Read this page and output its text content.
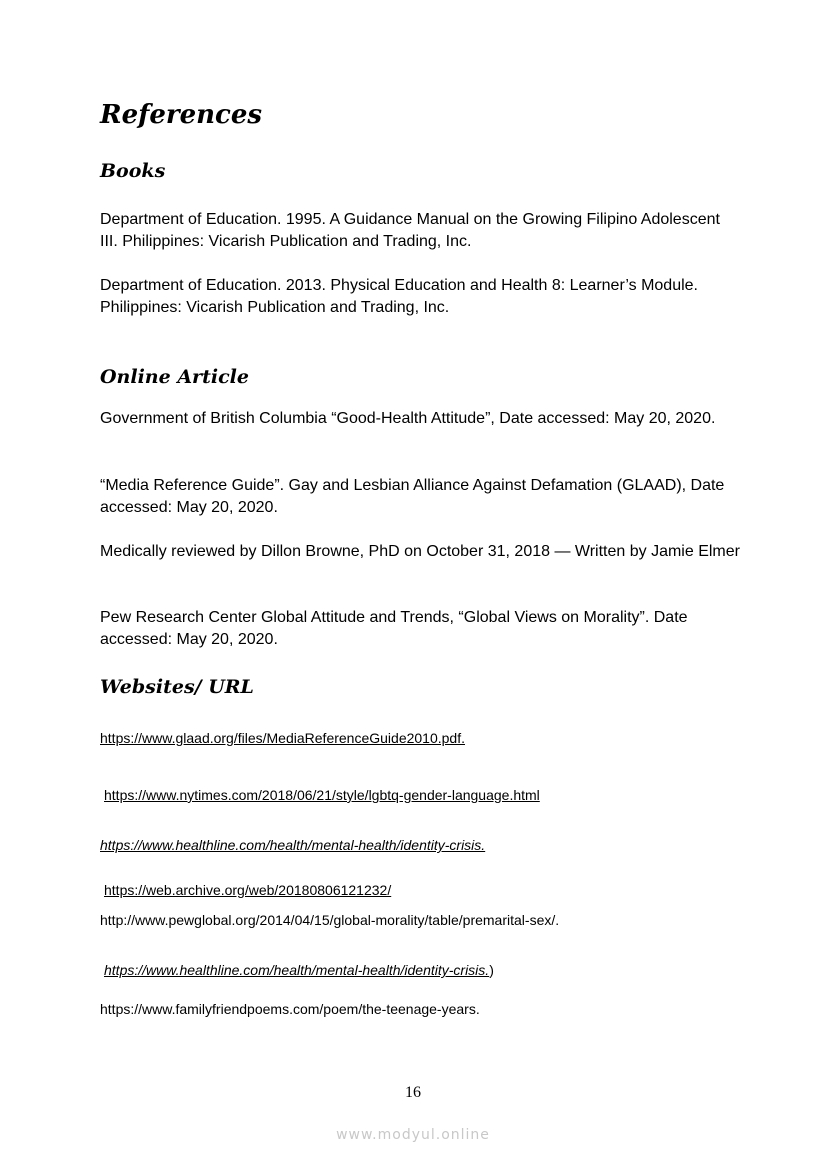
References
Books
Department of Education. 1995. A Guidance Manual on the Growing Filipino Adolescent III. Philippines: Vicarish Publication and Trading, Inc.
Department of Education. 2013. Physical Education and Health 8: Learner’s Module. Philippines: Vicarish Publication and Trading, Inc.
Online Article
Government of British Columbia “Good-Health Attitude”, Date accessed: May 20, 2020.
“Media Reference Guide”. Gay and Lesbian Alliance Against Defamation (GLAAD), Date accessed: May 20, 2020.
Medically reviewed by Dillon Browne, PhD on October 31, 2018 — Written by Jamie Elmer
Pew Research Center Global Attitude and Trends, “Global Views on Morality”. Date accessed: May 20, 2020.
Websites/ URL
https://www.glaad.org/files/MediaReferenceGuide2010.pdf.
https://www.nytimes.com/2018/06/21/style/lgbtq-gender-language.html
https://www.healthline.com/health/mental-health/identity-crisis.
https://web.archive.org/web/20180806121232/
http://www.pewglobal.org/2014/04/15/global-morality/table/premarital-sex/.
https://www.healthline.com/health/mental-health/identity-crisis.)
https://www.familyfriendpoems.com/poem/the-teenage-years.
16
www.modyul.online
